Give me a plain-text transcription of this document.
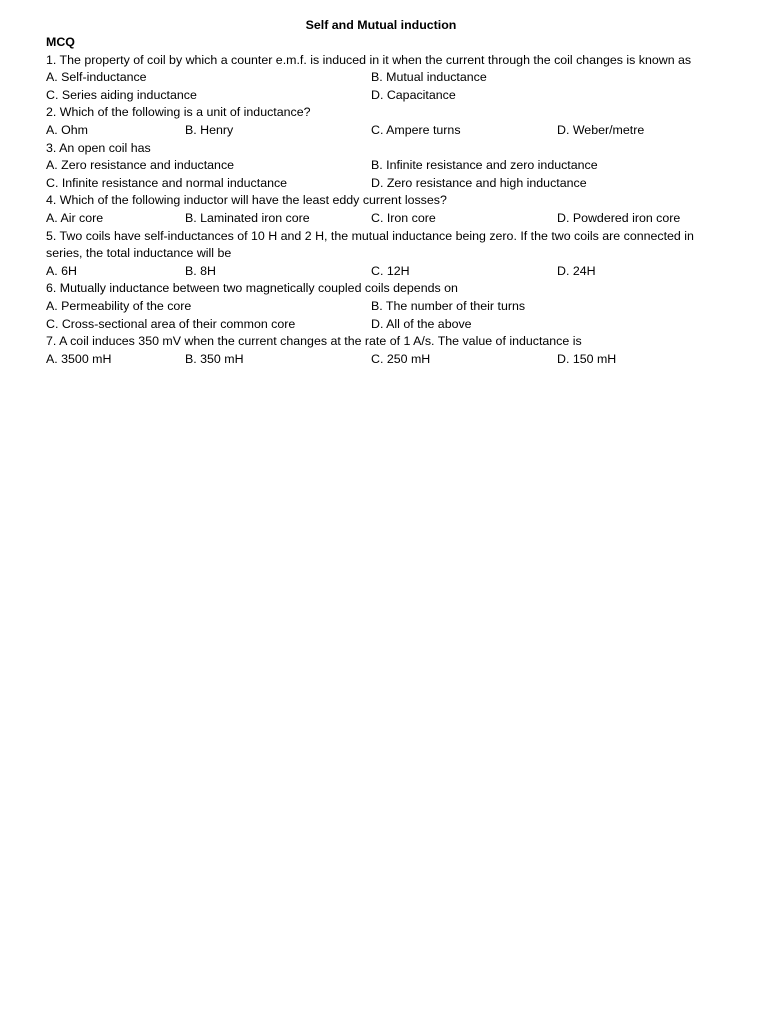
Self and Mutual induction
MCQ
1. The property of coil by which a counter e.m.f. is induced in it when the current through the coil changes is known as
A. Self-inductance	B. Mutual inductance
C. Series aiding inductance	D. Capacitance
2. Which of the following is a unit of inductance?
A. Ohm	B. Henry	C. Ampere turns	D. Weber/metre
3. An open coil has
A. Zero resistance and inductance	B. Infinite resistance and zero inductance
C. Infinite resistance and normal inductance	D. Zero resistance and high inductance
4. Which of the following inductor will have the least eddy current losses?
A. Air core	B. Laminated iron core	C. Iron core	D. Powdered iron core
5. Two coils have self-inductances of 10 H and 2 H, the mutual inductance being zero. If the two coils are connected in series, the total inductance will be
A. 6H	B. 8H	C. 12H	D. 24H
6. Mutually inductance between two magnetically coupled coils depends on
A. Permeability of the core	B. The number of their turns
C. Cross-sectional area of their common core	D. All of the above
7. A coil induces 350 mV when the current changes at the rate of 1 A/s. The value of inductance is
A. 3500 mH	B. 350 mH	C. 250 mH	D. 150 mH
